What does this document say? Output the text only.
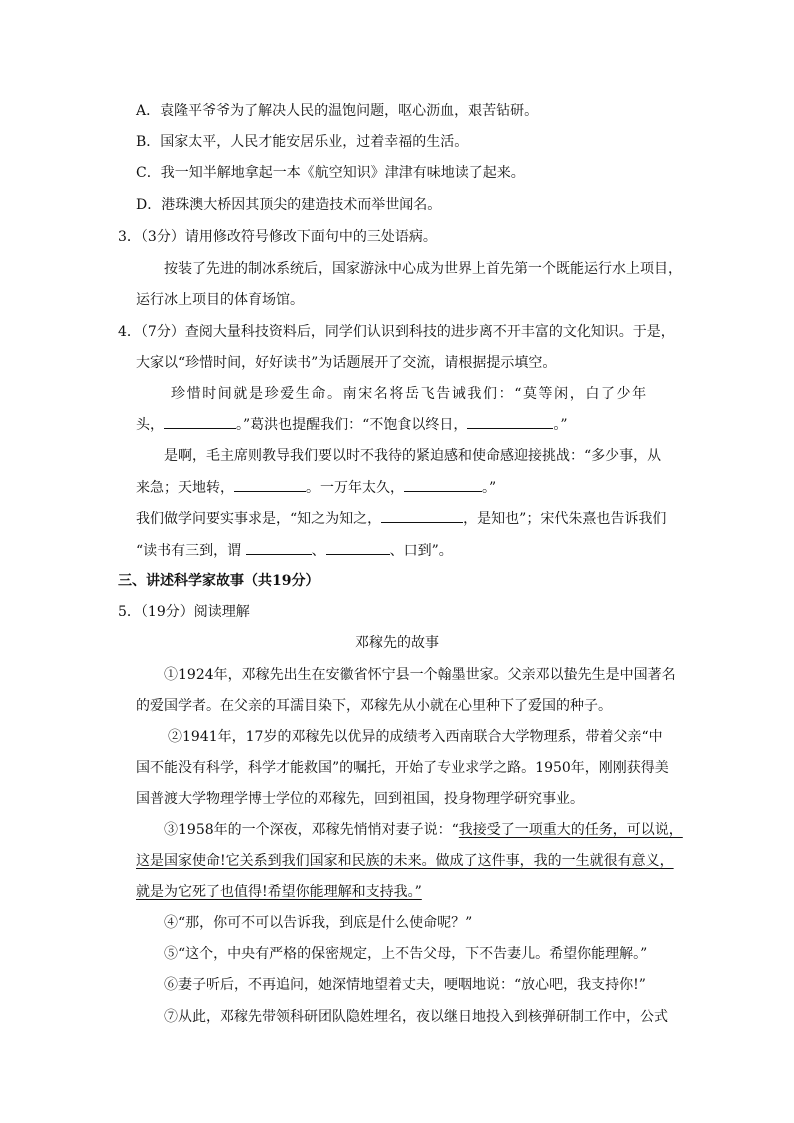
A．袁隆平爷爷为了解决人民的温饱问题，呕心沥血，艰苦钻研。
B．国家太平，人民才能安居乐业，过着幸福的生活。
C．我一知半解地拿起一本《航空知识》津津有味地读了起来。
D．港珠澳大桥因其顶尖的建造技术而举世闻名。
3．（3分）请用修改符号修改下面句中的三处语病。
按装了先进的制冰系统后，国家游泳中心成为世界上首先第一个既能运行水上项目，
运行冰上项目的体育场馆。
4．（7分）查阅大量科技资料后，同学们认识到科技的进步离不开丰富的文化知识。于是，
大家以“珍惜时间，好好读书”为话题展开了交流，请根据提示填空。
珍惜时间就是珍爱生命。南宋名将岳飞告诫我们：“莫等闲，白了少年
头，	。”葛洪也提醒我们：“不饱食以终日，	。”
是啊，毛主席则教导我们要以时不我待的紧迫感和使命感迎接挑战：“多少事，从
来急；天地转，	。一万年太久，	。”
我们做学问要实事求是，“知之为知之，	，是知也”；宋代朱熹也告诉我们
“读书有三到，谓	、	、口到”。
三、讲述科学家故事（共19分）
5．（19分）阅读理解
邓稼先的故事
①1924年，邓稼先出生在安徽省怀宁县一个翰墨世家。父亲邓以蛰先生是中国著名
的爱国学者。在父亲的耳濡目染下，邓稼先从小就在心里种下了爱国的种子。
②1941年，17岁的邓稼先以优异的成绩考入西南联合大学物理系，带着父亲“中
国不能没有科学，科学才能救国”的嘱托，开始了专业求学之路。1950年，刚刚获得美
国普渡大学物理学博士学位的邓稼先，回到祖国，投身物理学研究事业。
③1958年的一个深夜，邓稼先悄悄对妻子说：“我接受了一项重大的任务，可以说，
这是国家使命!它关系到我们国家和民族的未来。做成了这件事，我的一生就很有意义，
就是为它死了也值得!希望你能理解和支持我。”
④“那，你可不可以告诉我，到底是什么使命呢？”
⑤“这个，中央有严格的保密规定，上不告父母，下不告妻儿。希望你能理解。”
⑥妻子听后，不再追问，她深情地望着丈夫，哽咽地说：“放心吧，我支持你!”
⑦从此，邓稼先带领科研团队隐姓埋名，夜以继日地投入到核弹研制工作中，公式
